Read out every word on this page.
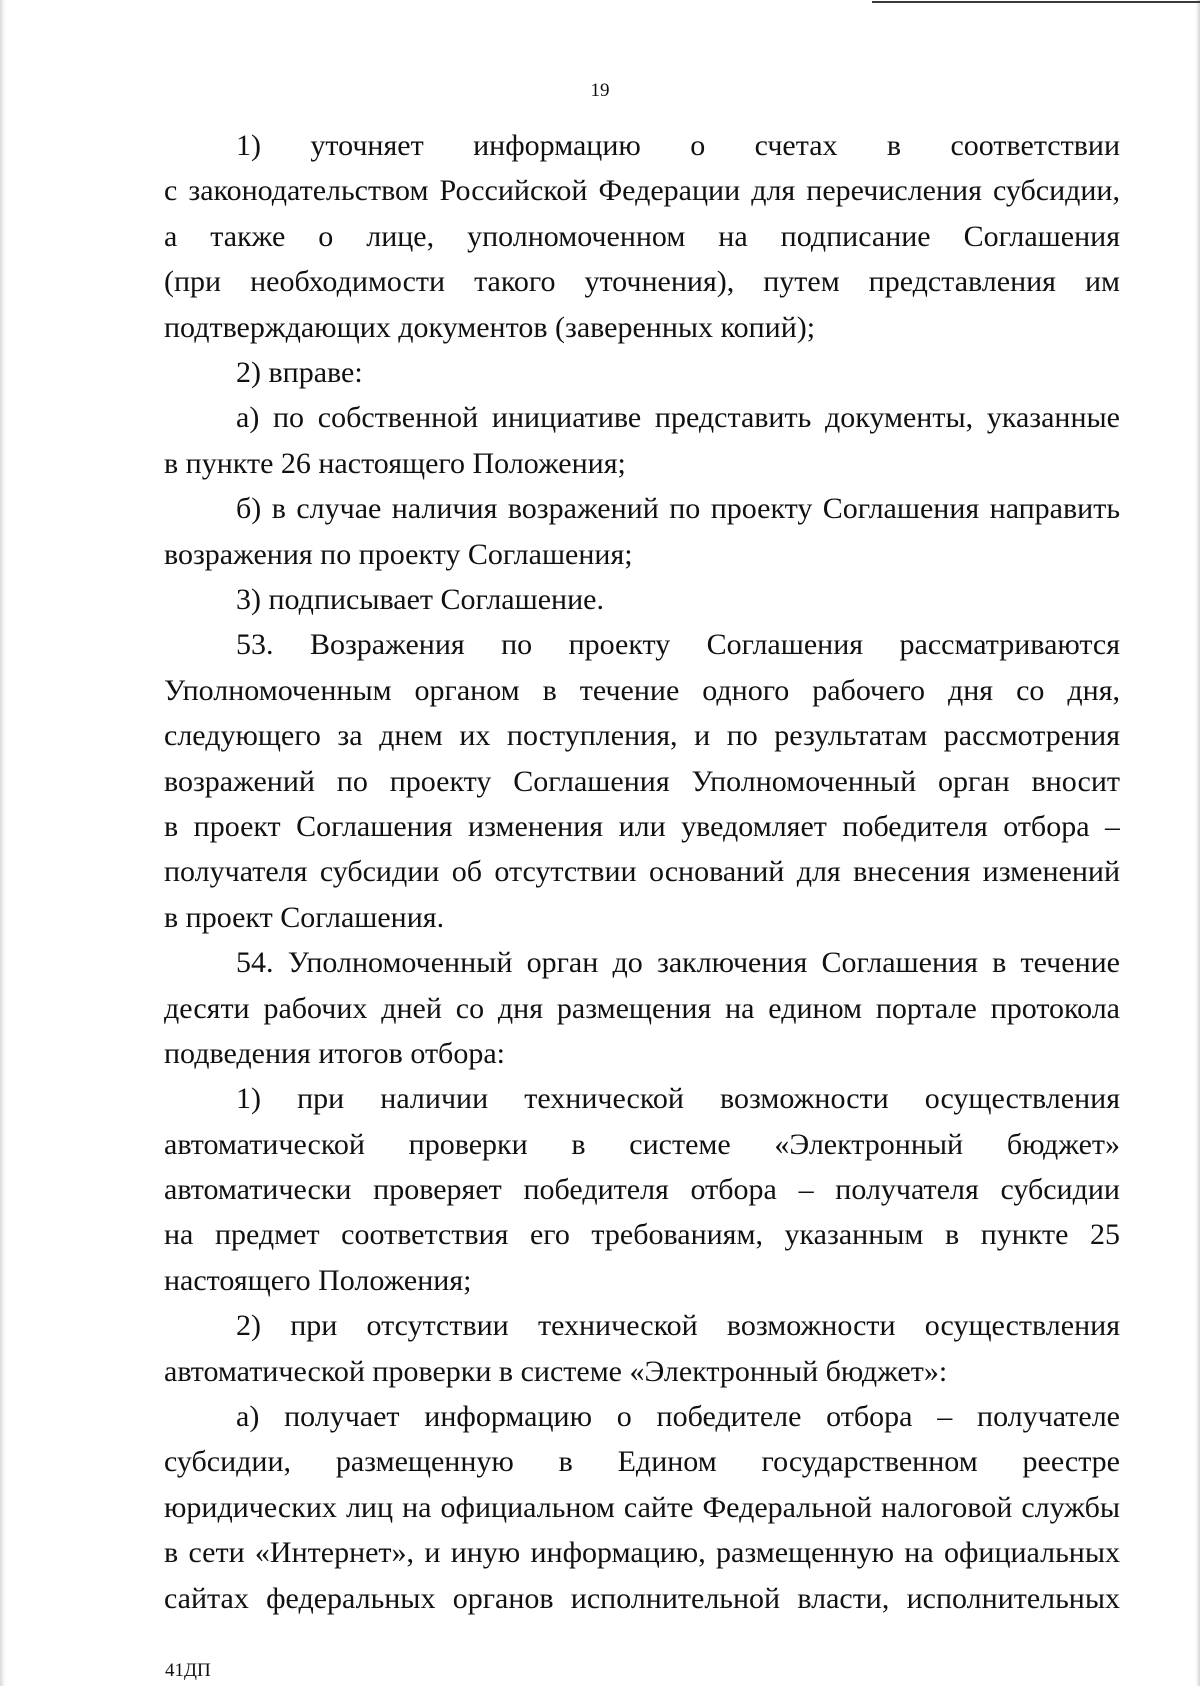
19

1) уточняет информацию о счетах в соответствии
с законодательством Российской Федерации для перечисления субсидии,
а также о лице, уполномоченном на подписание Соглашения
(при необходимости такого уточнения), путем представления им
подтверждающих документов (заверенных копий);

2) вправе:

а) по собственной инициативе представить документы, указанные
в пункте 26 настоящего Положения;

б) в случае наличия возражений по проекту Соглашения направить
возражения по проекту Соглашения;

3) подписывает Соглашение.

53. Возражения по проекту Соглашения рассматриваются
Уполномоченным органом в течение одного рабочего дня со дня,
следующего за днем их поступления, и по результатам рассмотрения
возражений по проекту Соглашения Уполномоченный орган вносит
в проект Соглашения изменения или уведомляет победителя отбора –
получателя субсидии об отсутствии оснований для внесения изменений
в проект Соглашения.

54. Уполномоченный орган до заключения Соглашения в течение
десяти рабочих дней со дня размещения на едином портале протокола
подведения итогов отбора:

1) при наличии технической возможности осуществления
автоматической проверки в системе «Электронный бюджет»
автоматически проверяет победителя отбора – получателя субсидии
на предмет соответствия его требованиям, указанным в пункте 25
настоящего Положения;

2) при отсутствии технической возможности осуществления
автоматической проверки в системе «Электронный бюджет»:

а) получает информацию о победителе отбора – получателе
субсидии, размещенную в Едином государственном реестре
юридических лиц на официальном сайте Федеральной налоговой службы
в сети «Интернет», и иную информацию, размещенную на официальных
сайтах федеральных органов исполнительной власти, исполнительных

41ДП
